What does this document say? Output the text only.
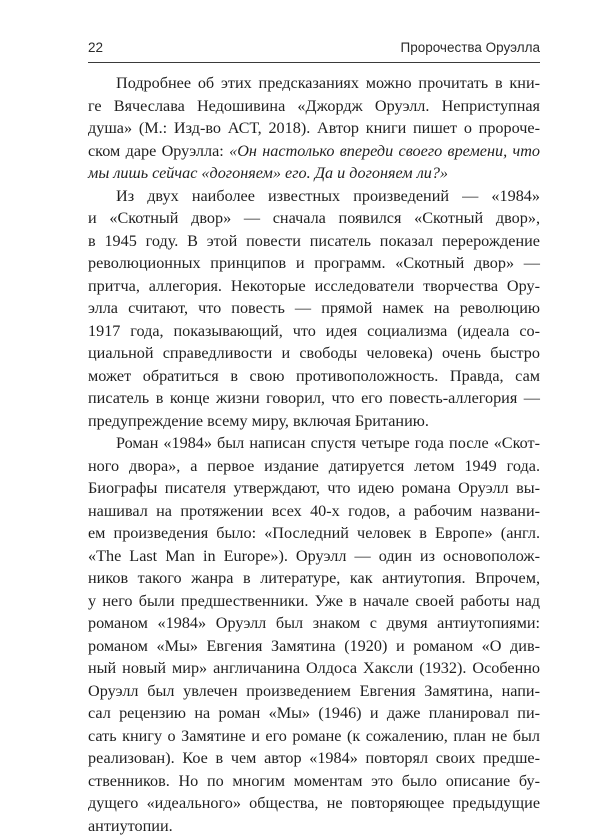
22	Пророчества Оруэлла
Подробнее об этих предсказаниях можно прочитать в кни-
ге Вячеслава Недошивина «Джордж Оруэлл. Неприступная
душа» (М.: Изд-во АСТ, 2018). Автор книги пишет о пророче-
ском даре Оруэлла: «Он настолько впереди своего времени, что
мы лишь сейчас «догоняем» его. Да и догоняем ли?»
Из двух наиболее известных произведений — «1984»
и «Скотный двор» — сначала появился «Скотный двор»,
в 1945 году. В этой повести писатель показал перерождение
революционных принципов и программ. «Скотный двор» —
притча, аллегория. Некоторые исследователи творчества Ору-
элла считают, что повесть — прямой намек на революцию
1917 года, показывающий, что идея социализма (идеала со-
циальной справедливости и свободы человека) очень быстро
может обратиться в свою противоположность. Правда, сам
писатель в конце жизни говорил, что его повесть-аллегория —
предупреждение всему миру, включая Британию.
Роман «1984» был написан спустя четыре года после «Скот-
ного двора», а первое издание датируется летом 1949 года.
Биографы писателя утверждают, что идею романа Оруэлл вы-
нашивал на протяжении всех 40-х годов, а рабочим названи-
ем произведения было: «Последний человек в Европе» (англ.
«The Last Man in Europe»). Оруэлл — один из основополож-
ников такого жанра в литературе, как антиутопия. Впрочем,
у него были предшественники. Уже в начале своей работы над
романом «1984» Оруэлл был знаком с двумя антиутопиями:
романом «Мы» Евгения Замятина (1920) и романом «О див-
ный новый мир» англичанина Олдоса Хаксли (1932). Особенно
Оруэлл был увлечен произведением Евгения Замятина, напи-
сал рецензию на роман «Мы» (1946) и даже планировал пи-
сать книгу о Замятине и его романе (к сожалению, план не был
реализован). Кое в чем автор «1984» повторял своих предше-
ственников. Но по многим моментам это было описание бу-
дущего «идеального» общества, не повторяющее предыдущие
антиутопии.
